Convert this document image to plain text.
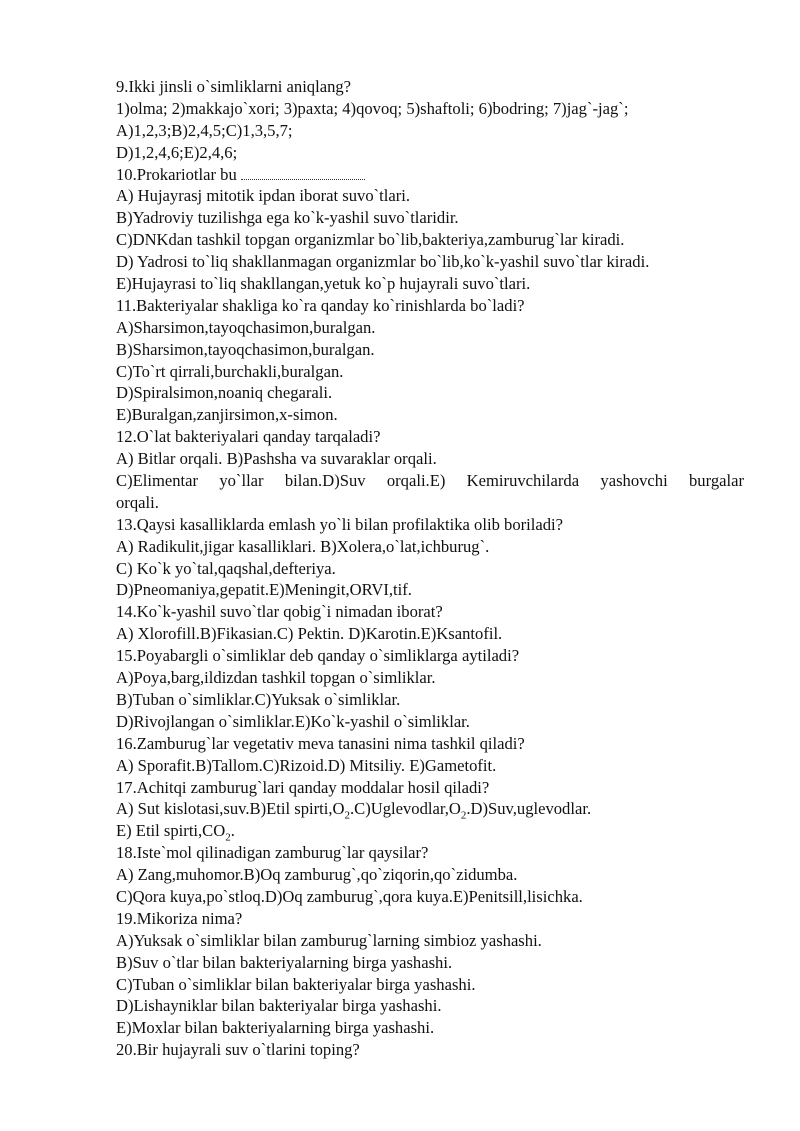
9.Ikki jinsli o`simliklarni aniqlang?
1)olma; 2)makkajo`xori; 3)paxta; 4)qovoq; 5)shaftoli; 6)bodring; 7)jag`-jag`;
A)1,2,3;B)2,4,5;C)1,3,5,7;
D)1,2,4,6;E)2,4,6;
10.Prokariotlar bu
A) Hujayrasj mitotik ipdan iborat suvo`tlari.
B)Yadroviy tuzilishga ega ko`k-yashil suvo`tlaridir.
C)DNKdan tashkil topgan organizmlar bo`lib,bakteriya,zamburug`lar kiradi.
D) Yadrosi to`liq shakllanmagan organizmlar bo`lib,ko`k-yashil suvo`tlar kiradi.
E)Hujayrasi to`liq shakllangan,yetuk ko`p hujayrali suvo`tlari.
11.Bakteriyalar shakliga ko`ra qanday ko`rinishlarda bo`ladi?
A)Sharsimon,tayoqchasimon,buralgan.
B)Sharsimon,tayoqchasimon,buralgan.
C)To`rt qirrali,burchakli,buralgan.
D)Spiralsimon,noaniq chegarali.
E)Buralgan,zanjirsimon,x-simon.
12.O`lat bakteriyalari qanday tarqaladi?
A) Bitlar orqali. B)Pashsha va suvaraklar orqali.
C)Elimentar yo`llar bilan.D)Suv orqali.E) Kemiruvchilarda yashovchi burgalar
orqali.
13.Qaysi kasalliklarda emlash yo`li bilan profilaktika olib boriladi?
A) Radikulit,jigar kasalliklari. B)Xolera,o`lat,ichburug`.
C) Ko`k yo`tal,qaqshal,defteriya.
D)Pneomaniya,gepatit.E)Meningit,ORVI,tif.
14.Ko`k-yashil suvo`tlar qobig`i nimadan iborat?
A) Xlorofill.B)Fikasian.C) Pektin. D)Karotin.E)Ksantofil.
15.Poyabargli o`simliklar deb qanday o`simliklarga aytiladi?
A)Poya,barg,ildizdan tashkil topgan o`simliklar.
B)Tuban o`simliklar.C)Yuksak o`simliklar.
D)Rivojlangan o`simliklar.E)Ko`k-yashil o`simliklar.
16.Zamburug`lar vegetativ meva tanasini nima tashkil qiladi?
A) Sporafit.B)Tallom.C)Rizoid.D) Mitsiliy. E)Gametofit.
17.Achitqi zamburug`lari qanday moddalar hosil qiladi?
A) Sut kislotasi,suv.B)Etil $spirti,O_2.C)Uglevodlar,O_2.D)Suv,uglevodlar$.
E) Etil $spirti,CO_2$.
18.Iste`mol qilinadigan zamburug`lar qaysilar?
A) Zang,muhomor.B)Oq zamburug`,qo`ziqorin,qo`zidumba.
C)Qora kuya,po`stloq.D)Oq zamburug`,qora kuya.E)Penitsill,lisichka.
19.Mikoriza nima?
A)Yuksak o`simliklar bilan zamburug`larning simbioz yashashi.
B)Suv o`tlar bilan bakteriyalarning birga yashashi.
C)Tuban o`simliklar bilan bakteriyalar birga yashashi.
D)Lishayniklar bilan bakteriyalar birga yashashi.
E)Moxlar bilan bakteriyalarning birga yashashi.
20.Bir hujayrali suv o`tlarini toping?
